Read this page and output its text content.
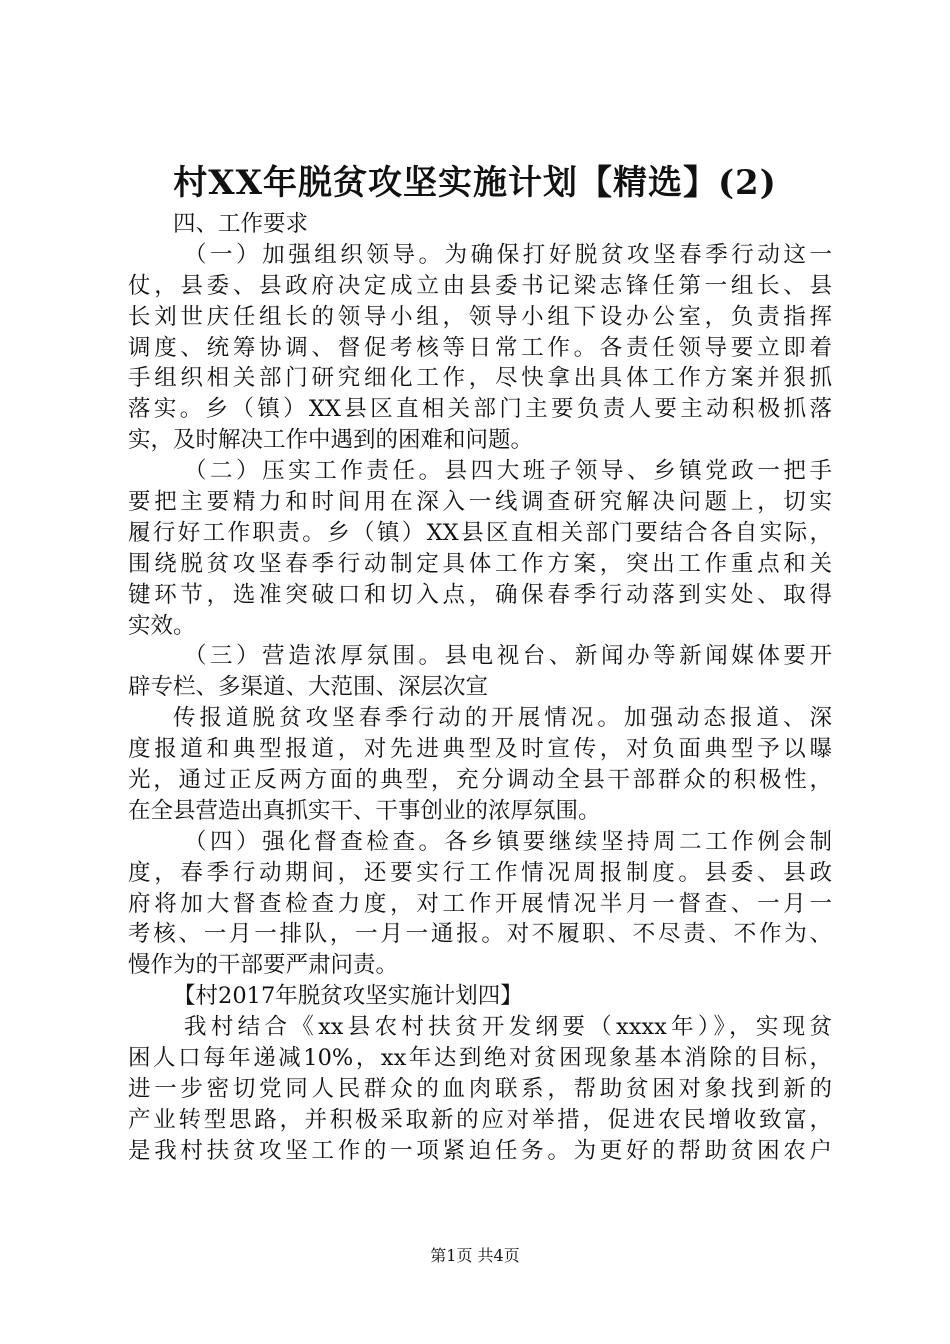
村XX年脱贫攻坚实施计划【精选】(2)
四、工作要求
（一）加强组织领导。为确保打好脱贫攻坚春季行动这一
仗，县委、县政府决定成立由县委书记梁志锋任第一组长、县
长刘世庆任组长的领导小组，领导小组下设办公室，负责指挥
调度、统筹协调、督促考核等日常工作。各责任领导要立即着
手组织相关部门研究细化工作，尽快拿出具体工作方案并狠抓
落实。乡（镇）XX县区直相关部门主要负责人要主动积极抓落
实，及时解决工作中遇到的困难和问题。
（二）压实工作责任。县四大班子领导、乡镇党政一把手
要把主要精力和时间用在深入一线调查研究解决问题上，切实
履行好工作职责。乡（镇）XX县区直相关部门要结合各自实际，
围绕脱贫攻坚春季行动制定具体工作方案，突出工作重点和关
键环节，选准突破口和切入点，确保春季行动落到实处、取得
实效。
（三）营造浓厚氛围。县电视台、新闻办等新闻媒体要开
辟专栏、多渠道、大范围、深层次宣
传报道脱贫攻坚春季行动的开展情况。加强动态报道、深
度报道和典型报道，对先进典型及时宣传，对负面典型予以曝
光，通过正反两方面的典型，充分调动全县干部群众的积极性，
在全县营造出真抓实干、干事创业的浓厚氛围。
（四）强化督查检查。各乡镇要继续坚持周二工作例会制
度，春季行动期间，还要实行工作情况周报制度。县委、县政
府将加大督查检查力度，对工作开展情况半月一督查、一月一
考核、一月一排队，一月一通报。对不履职、不尽责、不作为、
慢作为的干部要严肃问责。
【村2017年脱贫攻坚实施计划四】
我村结合《xx县农村扶贫开发纲要（xxxx年）》，实现贫
困人口每年递减10%，xx年达到绝对贫困现象基本消除的目标，
进一步密切党同人民群众的血肉联系，帮助贫困对象找到新的
产业转型思路，并积极采取新的应对举措，促进农民增收致富，
是我村扶贫攻坚工作的一项紧迫任务。为更好的帮助贫困农户
第1页 共4页
